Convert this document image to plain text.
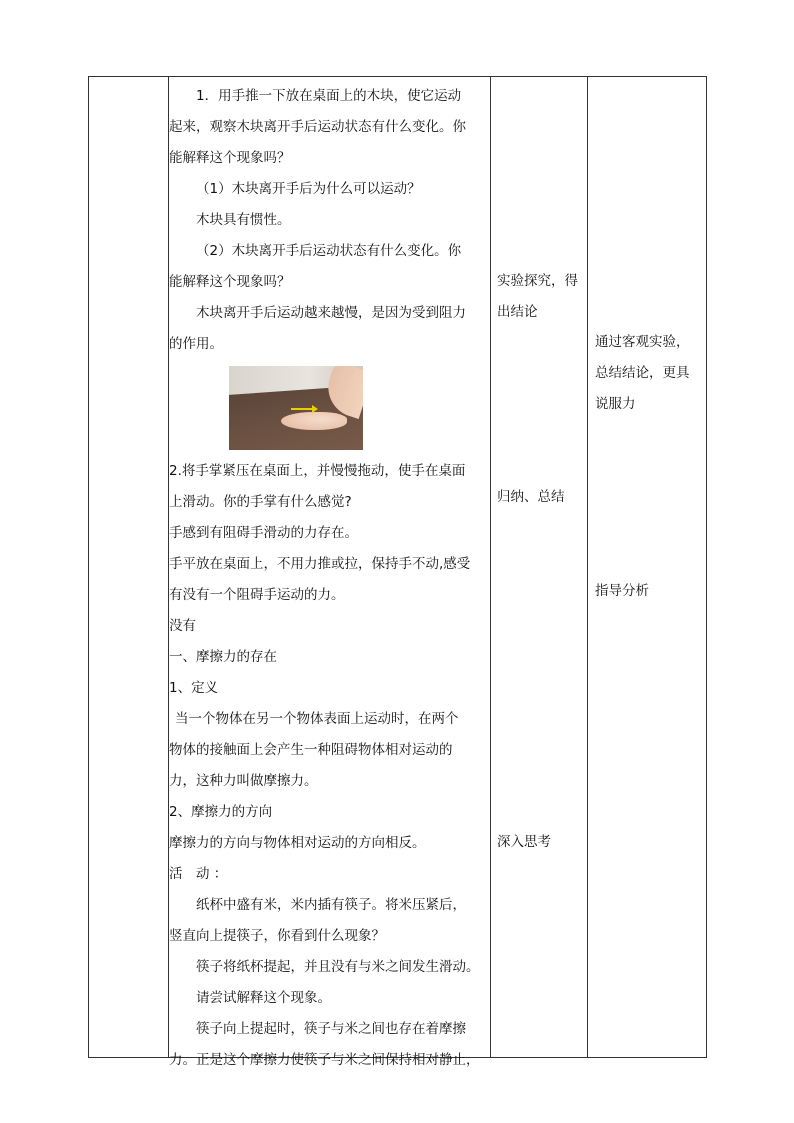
1．用手推一下放在桌面上的木块，使它运动

起来，观察木块离开手后运动状态有什么变化。你

能解释这个现象吗？

（1）木块离开手后为什么可以运动？

木块具有惯性。

（2）木块离开手后运动状态有什么变化。你

能解释这个现象吗？

木块离开手后运动越来越慢，是因为受到阻力

的作用。

2.将手掌紧压在桌面上，并慢慢拖动，使手在桌面

上滑动。你的手掌有什么感觉?

手感到有阻碍手滑动的力存在。

手平放在桌面上，不用力推或拉，保持手不动,感受

有没有一个阻碍手运动的力。

没有

一、摩擦力的存在

1、定义

当一个物体在另一个物体表面上运动时，在两个

物体的接触面上会产生一种阻碍物体相对运动的

力，这种力叫做摩擦力。

2、摩擦力的方向

摩擦力的方向与物体相对运动的方向相反。

活　动 ：

纸杯中盛有米，米内插有筷子。将米压紧后，

竖直向上提筷子，你看到什么现象？

筷子将纸杯提起，并且没有与米之间发生滑动。

请尝试解释这个现象。

筷子向上提起时，筷子与米之间也存在着摩擦

力。正是这个摩擦力使筷子与米之间保持相对静止，

实验探究，得
出结论
归纳、总结
深入思考
通过客观实验，
总结结论，更具
说服力
指导分析
